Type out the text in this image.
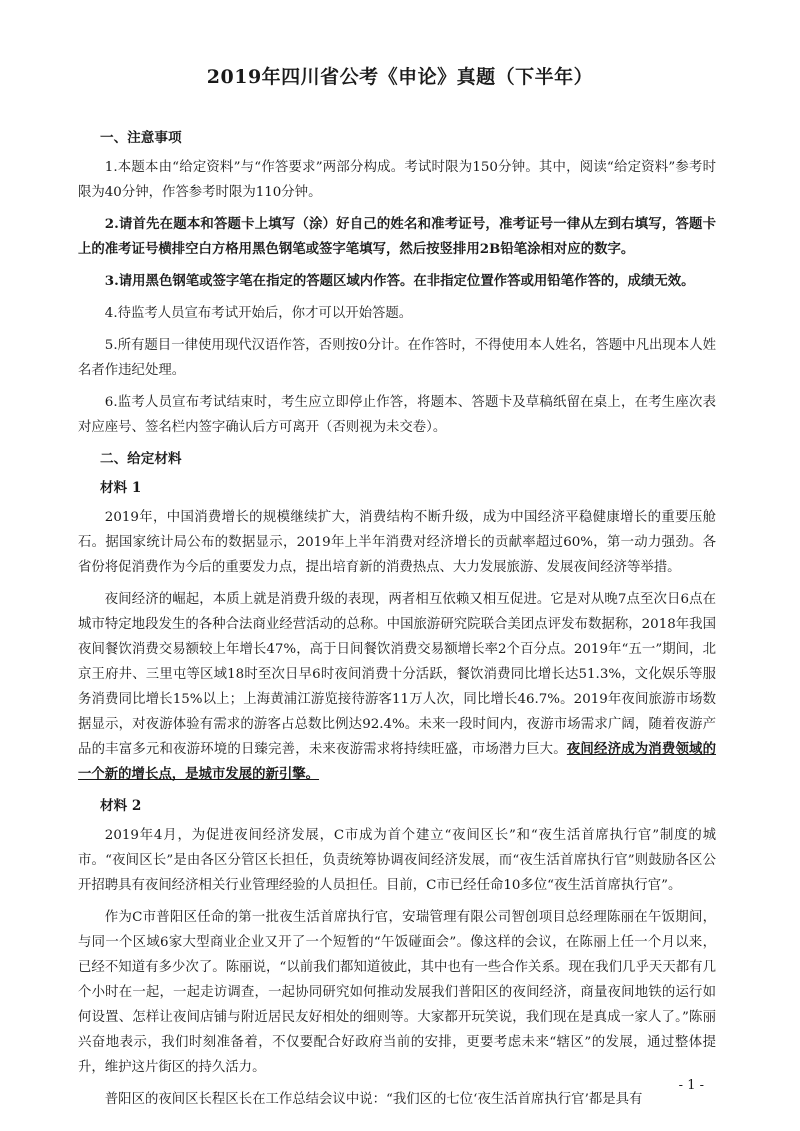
2019年四川省公考《申论》真题（下半年）
一、注意事项
1.本题本由“给定资料”与“作答要求”两部分构成。考试时限为150分钟。其中，阅读“给定资料”参考时限为40分钟，作答参考时限为110分钟。
2.请首先在题本和答题卡上填写（涂）好自己的姓名和准考证号，准考证号一律从左到右填写，答题卡上的准考证号横排空白方格用黑色钢笔或签字笔填写，然后按竖排用2B铅笔涂相对应的数字。
3.请用黑色钢笔或签字笔在指定的答题区域内作答。在非指定位置作答或用铅笔作答的，成绩无效。
4.待监考人员宣布考试开始后，你才可以开始答题。
5.所有题目一律使用现代汉语作答，否则按0分计。在作答时，不得使用本人姓名，答题中凡出现本人姓名者作违纪处理。
6.监考人员宣布考试结束时，考生应立即停止作答，将题本、答题卡及草稿纸留在桌上，在考生座次表对应座号、签名栏内签字确认后方可离开（否则视为未交卷）。
二、给定材料
材料 1
2019年，中国消费增长的规模继续扩大，消费结构不断升级，成为中国经济平稳健康增长的重要压舱石。据国家统计局公布的数据显示，2019年上半年消费对经济增长的贡献率超过60%，第一动力强劲。各省份将促消费作为今后的重要发力点，提出培育新的消费热点、大力发展旅游、发展夜间经济等举措。
夜间经济的崛起，本质上就是消费升级的表现，两者相互依赖又相互促进。它是对从晚7点至次日6点在城市特定地段发生的各种合法商业经营活动的总称。中国旅游研究院联合美团点评发布数据称，2018年我国夜间餐饮消费交易额较上年增长47%，高于日间餐饮消费交易额增长率2个百分点。2019年“五一”期间，北京王府井、三里屯等区域18时至次日早6时夜间消费十分活跃，餐饮消费同比增长达51.3%，文化娱乐等服务消费同比增长15%以上；上海黄浦江游览接待游客11万人次，同比增长46.7%。2019年夜间旅游市场数据显示，对夜游体验有需求的游客占总数比例达92.4%。未来一段时间内，夜游市场需求广阔，随着夜游产品的丰富多元和夜游环境的日臻完善，未来夜游需求将持续旺盛，市场潜力巨大。夜间经济成为消费领域的一个新的增长点，是城市发展的新引擎。
材料 2
2019年4月，为促进夜间经济发展，C市成为首个建立“夜间区长”和“夜生活首席执行官”制度的城市。“夜间区长”是由各区分管区长担任，负责统筹协调夜间经济发展，而“夜生活首席执行官”则鼓励各区公开招聘具有夜间经济相关行业管理经验的人员担任。目前，C市已经任命10多位“夜生活首席执行官”。
作为C市普阳区任命的第一批夜生活首席执行官，安瑞管理有限公司智创项目总经理陈丽在午饭期间，与同一个区域6家大型商业企业又开了一个短暂的“午饭碰面会”。像这样的会议，在陈丽上任一个月以来，已经不知道有多少次了。陈丽说，“以前我们都知道彼此，其中也有一些合作关系。现在我们几乎天天都有几个小时在一起，一起走访调查，一起协同研究如何推动发展我们普阳区的夜间经济，商量夜间地铁的运行如何设置、怎样让夜间店铺与附近居民友好相处的细则等。大家都开玩笑说，我们现在是真成一家人了。”陈丽兴奋地表示，我们时刻准备着，不仅要配合好政府当前的安排，更要考虑未来“辖区”的发展，通过整体提升，维护这片街区的持久活力。
普阳区的夜间区长程区长在工作总结会议中说：“我们区的七位‘夜生活首席执行官’都是具有
- 1 -
